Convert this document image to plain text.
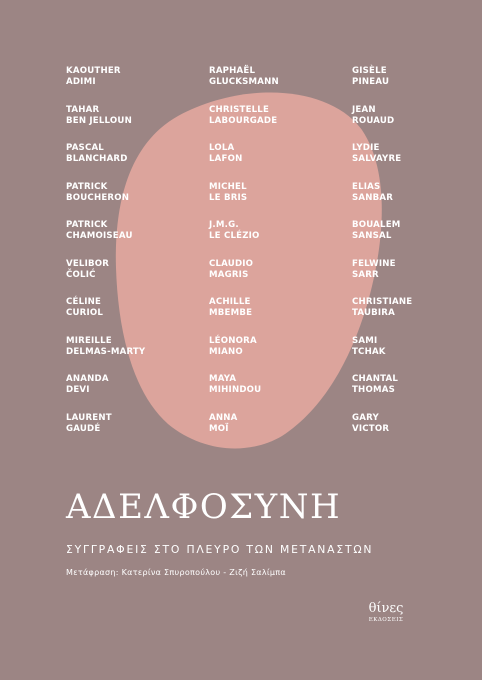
KAOUTHER
ADIMI
TAHAR
BEN JELLOUN
PASCAL
BLANCHARD
PATRICK
BOUCHERON
PATRICK
CHAMOISEAU
VELIBOR
ČOLIĆ
CÉLINE
CURIOL
MIREILLE
DELMAS-MARTY
ANANDA
DEVI
LAURENT
GAUDÉ
RAPHAËL
GLUCKSMANN
CHRISTELLE
LABOURGADE
LOLA
LAFON
MICHEL
LE BRIS
J.M.G.
LE CLÉZIO
CLAUDIO
MAGRIS
ACHILLE
MBEMBE
LÉONORA
MIANO
MAYA
MIHINDOU
ANNA
MOÏ
GISÈLE
PINEAU
JEAN
ROUAUD
LYDIE
SALVAYRE
ELIAS
SANBAR
BOUALEM
SANSAL
FELWINE
SARR
CHRISTIANE
TAUBIRA
SAMI
TCHAK
CHANTAL
THOMAS
GARY
VICTOR
ΑΔΕΛΦΟΣΥΝΗ
ΣΥΓΓΡΑΦΕΙΣ ΣΤΟ ΠΛΕΥΡΟ ΤΩΝ ΜΕΤΑΝΑΣΤΩΝ
Μετάφραση: Κατερίνα Σπυροπούλου - Ζιζή Σαλίμπα
θίνες
ΕΚΔΟΣΕΙΣ
